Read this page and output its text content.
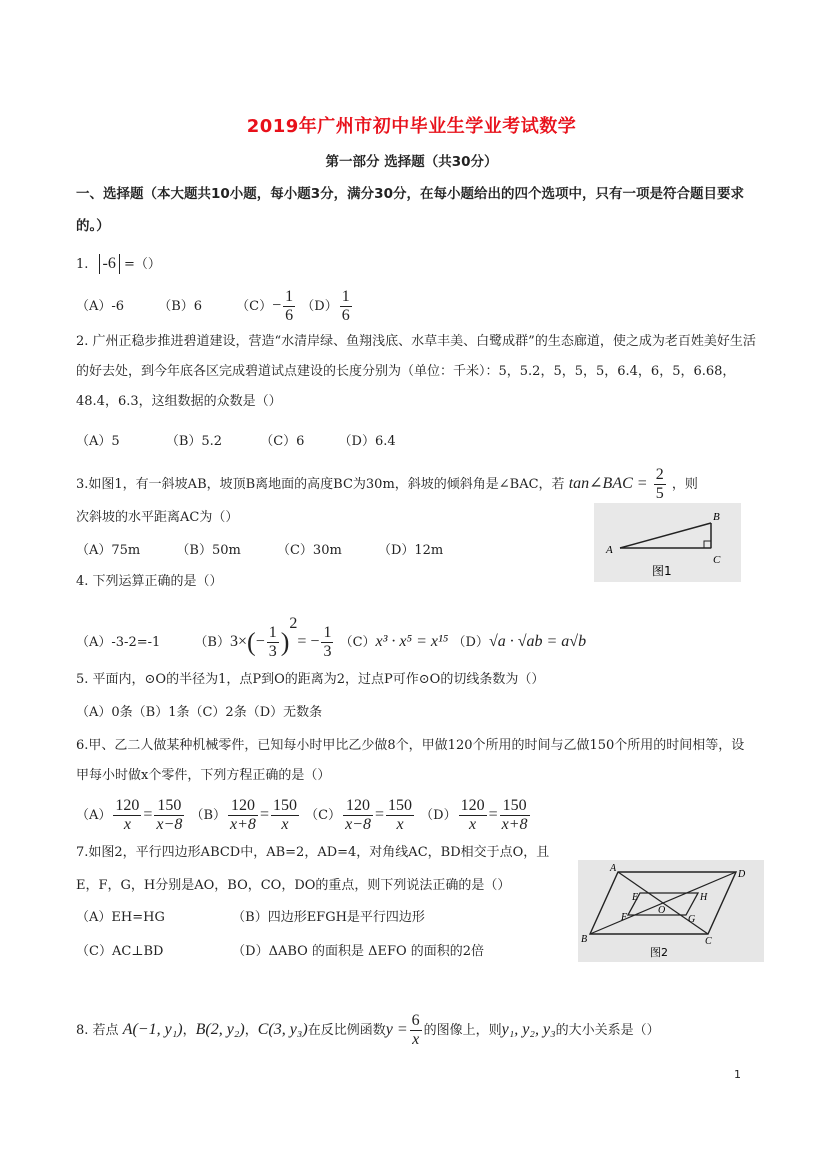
2019年广州市初中毕业生学业考试数学
第一部分 选择题（共30分）
一、选择题（本大题共10小题，每小题3分，满分30分，在每小题给出的四个选项中，只有一项是符合题目要求的。）
1. -6 =（）
（A）-6	（B）6	$(C)- \frac{1}{6} (D) \frac{1}{6}$
2. 广州正稳步推进碧道建设，营造“水清岸绿、鱼翔浅底、水草丰美、白鹭成群”的生态廊道，使之成为老百姓美好生活的好去处，到今年底各区完成碧道试点建设的长度分别为（单位：千米）：5，5.2，5，5，5，6.4，6，5，6.68，48.4，6.3，这组数据的众数是（）
（A）5	（B）5.2	（C）6	（D）6.4
3.如图1，有一斜坡AB，坡顶B离地面的高度BC为30m，斜坡的倾斜角是∠BAC，若 tan∠BAC = $\frac{2}{5}$ ，则
次斜坡的水平距离AC为（）
（A）75m	（B）50m	（C）30m	（D）12m	A
B
C
图1
4. 下列运算正确的是（）
（A）-3-2=-1	$(B)3\times(- \frac{1}{3} )^2= - \frac{1}{3} (C)x^3 \cdot x^5 = x^{15}$ （D）√a · √ab = a√b
5. 平面内，⊙O的半径为1，点P到O的距离为2，过点P可作⊙O的切线条数为（）
（A）0条（B）1条（C）2条（D）无数条
6.甲、乙二人做某种机械零件，已知每小时甲比乙少做8个，甲做120个所用的时间与乙做150个所用的时间相等，设甲每小时做x个零件，下列方程正确的是（）
$(A) \frac{120}{x} = \frac{150}{x-8} (B) \frac{120}{x+8} = \frac{150}{x} (C) \frac{120}{x-8} = \frac{150}{x} (D) \frac{120}{x} = \frac{150}{x+8}$
7.如图2，平行四边形ABCD中，AB=2，AD=4，对角线AC，BD相交于点O，且
E，F，G，H分别是AO，BO，CO，DO的重点，则下列说法正确的是（）
（A）EH=HG	（B）四边形EFGH是平行四边形
（C）AC⊥BD	（D）ΔABO 的面积是 ΔEFO 的面积的2倍
A
D
B	C
E
F	G
H
O
图2
8. 若点 A(−1, y₁)，B(2, y₂)，C(3, y₃)在反比例函数$y = \frac{6}{x}$ 的图像上，则y₁, y₂, y₃的大小关系是（）
1
